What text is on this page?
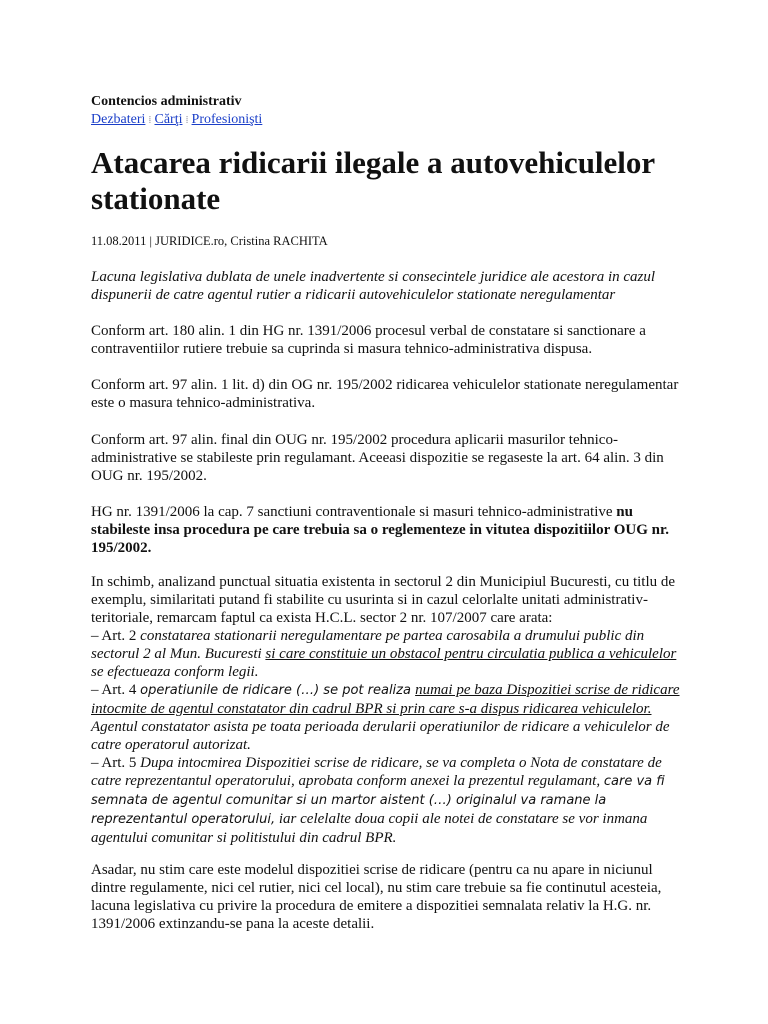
Contencios administrativ
Dezbateri ⁞ Cărţi ⁞ Profesionişti
Atacarea ridicarii ilegale a autovehiculelor stationate
11.08.2011 | JURIDICE.ro, Cristina RACHITA

Lacuna legislativa dublata de unele inadvertente si consecintele juridice ale acestora in cazul dispunerii de catre agentul rutier a ridicarii autovehiculelor stationate neregulamentar

Conform art. 180 alin. 1 din HG nr. 1391/2006 procesul verbal de constatare si sanctionare a contraventiilor rutiere trebuie sa cuprinda si masura tehnico-administrativa dispusa.

Conform art. 97 alin. 1 lit. d) din OG nr. 195/2002 ridicarea vehiculelor stationate neregulamentar este o masura tehnico-administrativa.

Conform art. 97 alin. final din OUG nr. 195/2002 procedura aplicarii masurilor tehnico-administrative se stabileste prin regulamant. Aceeasi dispozitie se regaseste la art. 64 alin. 3 din OUG nr. 195/2002.

HG nr. 1391/2006 la cap. 7 sanctiuni contraventionale si masuri tehnico-administrative nu stabileste insa procedura pe care trebuia sa o reglementeze in vitutea dispozitiilor OUG nr. 195/2002.

In schimb, analizand punctual situatia existenta in sectorul 2 din Municipiul Bucuresti, cu titlu de exemplu, similaritati putand fi stabilite cu usurinta si in cazul celorlalte unitati administrativ-teritoriale, remarcam faptul ca exista H.C.L. sector 2 nr. 107/2007 care arata:
– Art. 2 constatarea stationarii neregulamentare pe partea carosabila a drumului public din sectorul 2 al Mun. Bucuresti si care constituie un obstacol pentru circulatia publica a vehiculelor se efectueaza conform legii.
– Art. 4 operatiunile de ridicare (…) se pot realiza numai pe baza Dispozitiei scrise de ridicare intocmite de agentul constatator din cadrul BPR si prin care s-a dispus ridicarea vehiculelor. Agentul constatator asista pe toata perioada derularii operatiunilor de ridicare a vehiculelor de catre operatorul autorizat.
– Art. 5 Dupa intocmirea Dispozitiei scrise de ridicare, se va completa o Nota de constatare de catre reprezentantul operatorului, aprobata conform anexei la prezentul regulamant, care va fi semnata de agentul comunitar si un martor aistent (…) originalul va ramane la reprezentantul operatorului, iar celelalte doua copii ale notei de constatare se vor inmana agentului comunitar si politistului din cadrul BPR.

Asadar, nu stim care este modelul dispozitiei scrise de ridicare (pentru ca nu apare in niciunul dintre regulamente, nici cel rutier, nici cel local), nu stim care trebuie sa fie continutul acesteia, lacuna legislativa cu privire la procedura de emitere a dispozitiei semnalata relativ la H.G. nr. 1391/2006 extinzandu-se pana la aceste detalii.
